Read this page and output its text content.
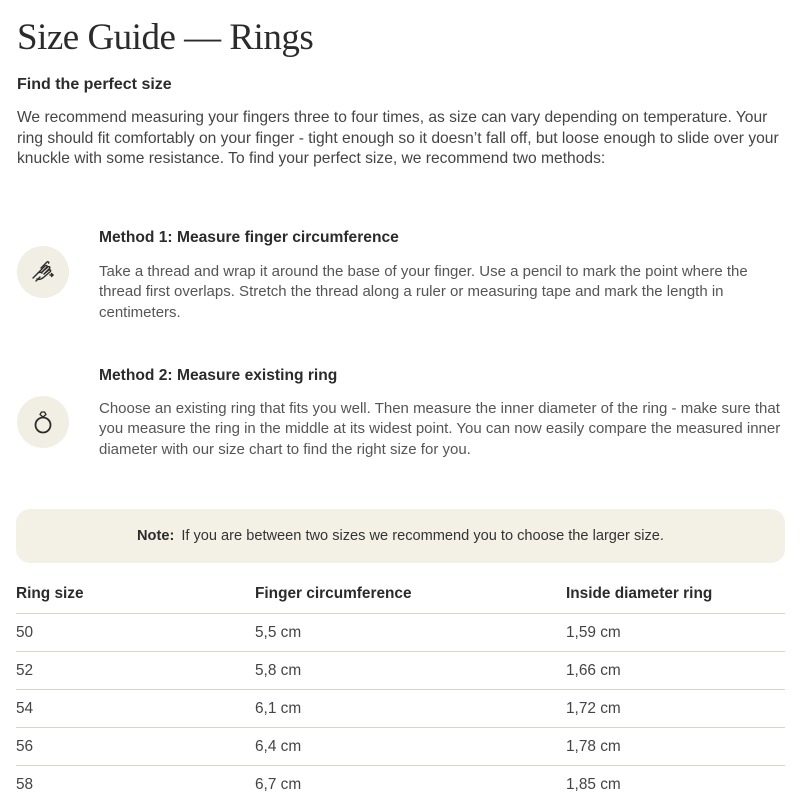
Size Guide — Rings
Find the perfect size

We recommend measuring your fingers three to four times, as size can vary depending on temperature. Your ring should fit comfortably on your finger - tight enough so it doesn’t fall off, but loose enough to slide over your knuckle with some resistance. To find your perfect size, we recommend two methods:

Method 1: Measure finger circumference

Take a thread and wrap it around the base of your finger. Use a pencil to mark the point where the thread first overlaps. Stretch the thread along a ruler or measuring tape and mark the length in centimeters.

Method 2: Measure existing ring

Choose an existing ring that fits you well. Then measure the inner diameter of the ring - make sure that you measure the ring in the middle at its widest point. You can now easily compare the measured inner diameter with our size chart to find the right size for you.

Note: If you are between two sizes we recommend you to choose the larger size.
Ring size	Finger circumference	Inside diameter ring
50	5,5 cm	1,59 cm
52	5,8 cm	1,66 cm
54	6,1 cm	1,72 cm
56	6,4 cm	1,78 cm
58	6,7 cm	1,85 cm
